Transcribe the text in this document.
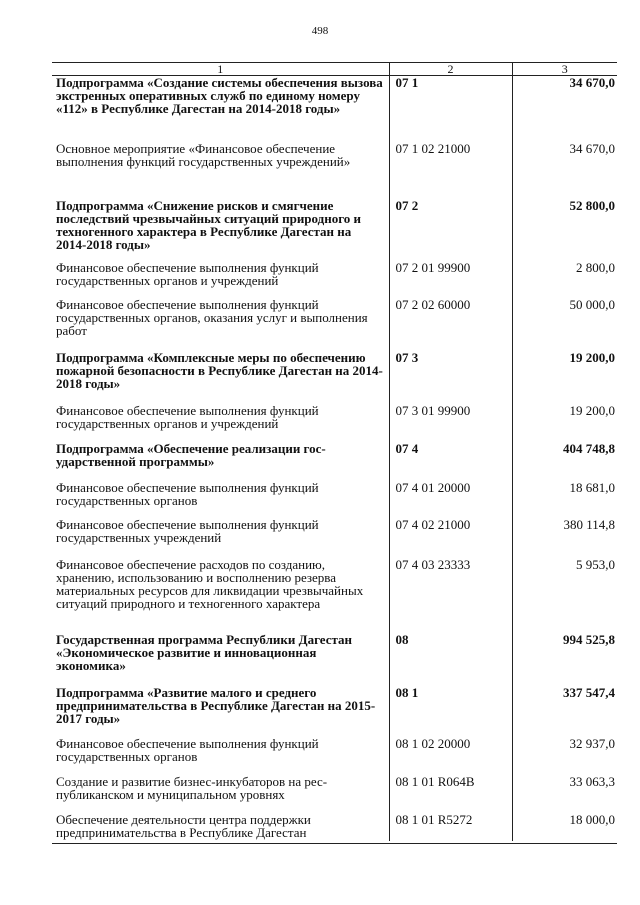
498
1	2	3
Подпрограмма «Создание системы обеспечения вызова экстренных оперативных служб по единому номеру «112» в Республике Дагестан на 2014-2018 годы»	07 1	34 670,0
Основное мероприятие «Финансовое обеспечение выполнения функций государственных учреждений»	07 1 02 21000	34 670,0
Подпрограмма «Снижение рисков и смягчение последствий чрезвычайных ситуаций природного и техногенного характера в Республике Дагестан на 2014-2018 годы»	07 2	52 800,0
Финансовое обеспечение выполнения функций государственных органов и учреждений	07 2 01 99900	2 800,0
Финансовое обеспечение выполнения функций государственных органов, оказания услуг и выполнения работ	07 2 02 60000	50 000,0
Подпрограмма «Комплексные меры по обеспечению пожарной безопасности в Республике Дагестан на 2014-2018 годы»	07 3	19 200,0
Финансовое обеспечение выполнения функций государственных органов и учреждений	07 3 01 99900	19 200,0
Подпрограмма «Обеспечение реализации государственной программы»	07 4	404 748,8
Финансовое обеспечение выполнения функций государственных органов	07 4 01 20000	18 681,0
Финансовое обеспечение выполнения функций государственных учреждений	07 4 02 21000	380 114,8
Финансовое обеспечение расходов по созданию, хранению, использованию и восполнению резерва материальных ресурсов для ликвидации чрезвычайных ситуаций природного и техногенного характера	07 4 03 23333	5 953,0
Государственная программа Республики Дагестан «Экономическое развитие и инновaционная экономика»	08	994 525,8
Подпрограмма «Развитие малого и среднего предпринимательства в Республике Дагестан на 2015-2017 годы»	08 1	337 547,4
Финансовое обеспечение выполнения функций государственных органов	08 1 02 20000	32 937,0
Создание и развитие бизнес-инкубаторов на республиканском и муниципальном уровнях	08 1 01 R064B	33 063,3
Обеспечение деятельности центра поддержки предпринимательства в Республике Дагестан	08 1 01 R5272	18 000,0
